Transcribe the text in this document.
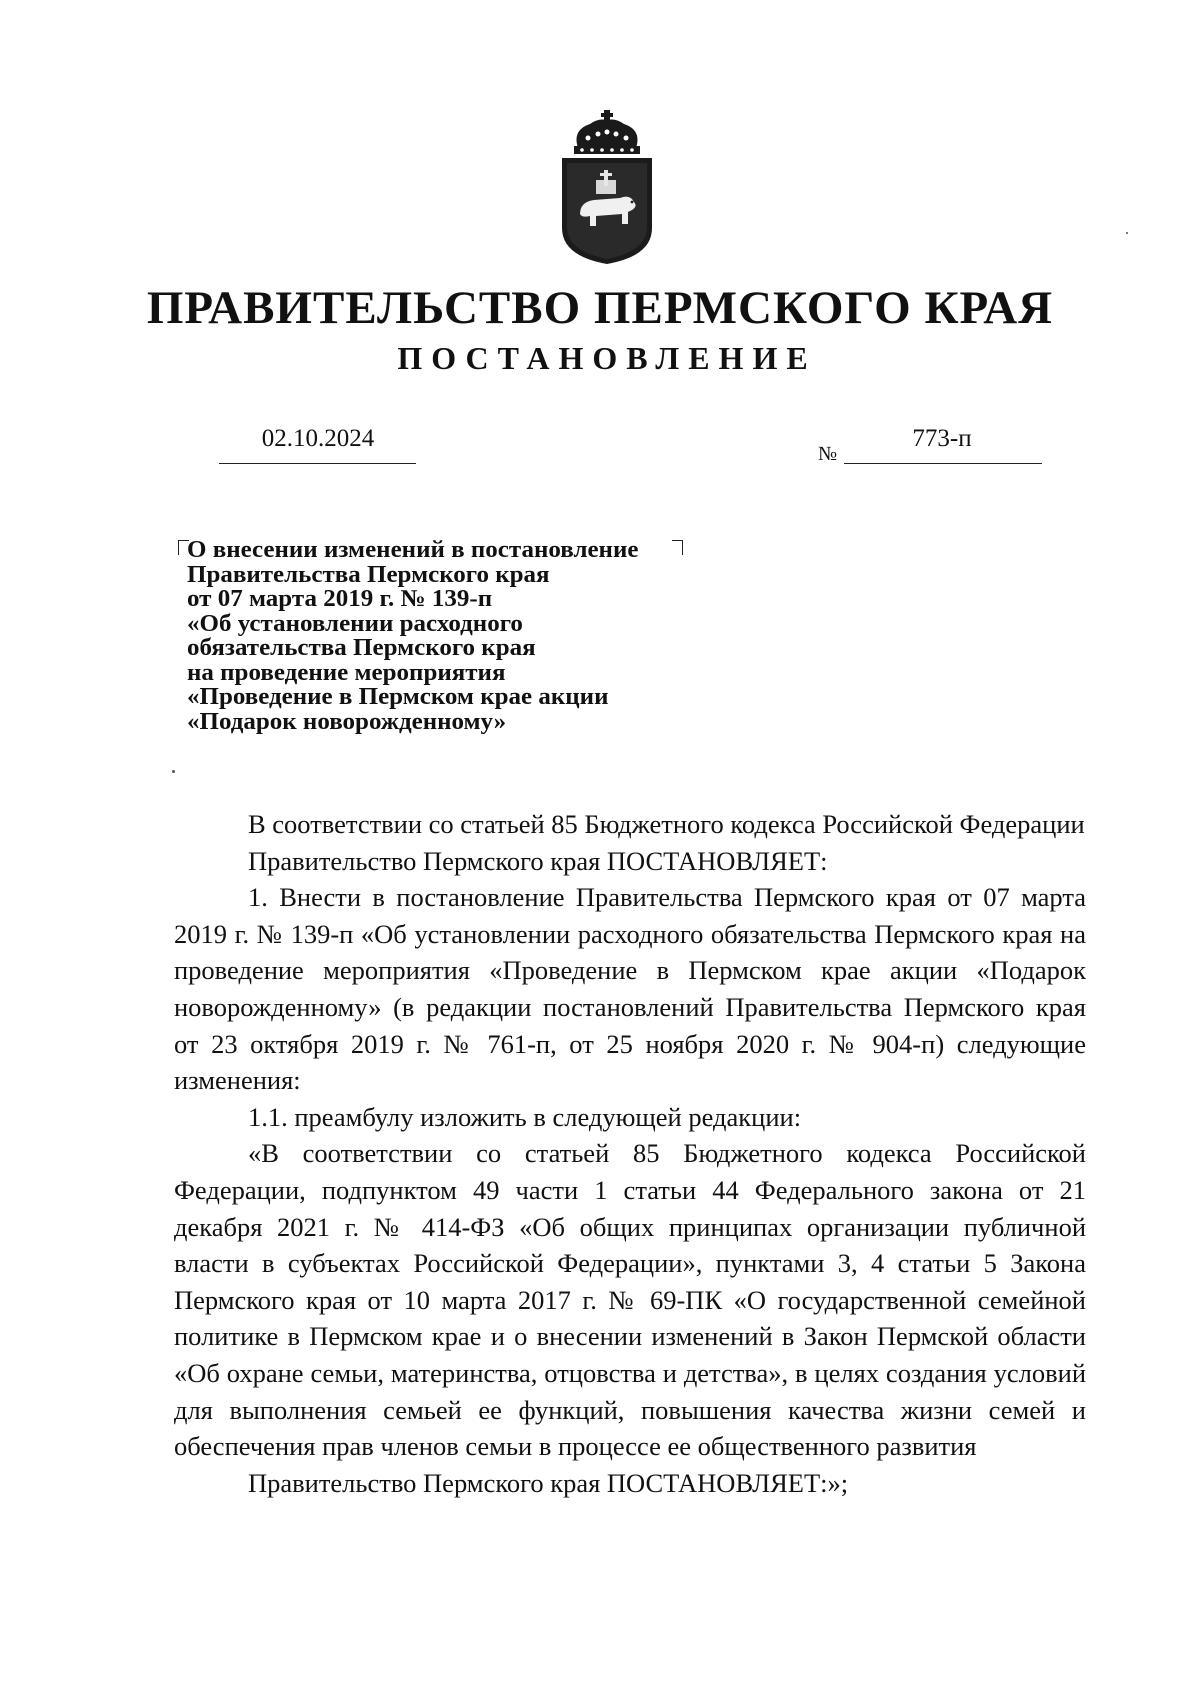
ПРАВИТЕЛЬСТВО ПЕРМСКОГО КРАЯ
ПОСТАНОВЛЕНИЕ
02.10.2024
№
773-п
О внесении изменений в постановление
Правительства Пермского края
от 07 марта 2019 г. № 139-п
«Об установлении расходного
обязательства Пермского края
на проведение мероприятия
«Проведение в Пермском крае акции
«Подарок новорожденному»

В соответствии со статьей 85 Бюджетного кодекса Российской Федерации

Правительство Пермского края ПОСТАНОВЛЯЕТ:

1. Внести в постановление Правительства Пермского края от 07 марта 2019 г. № 139-п «Об установлении расходного обязательства Пермского края на проведение мероприятия «Проведение в Пермском крае акции «Подарок новорожденному» (в редакции постановлений Правительства Пермского края от 23 октября 2019 г. № 761-п, от 25 ноября 2020 г. № 904-п) следующие изменения:

1.1. преамбулу изложить в следующей редакции:

«В соответствии со статьей 85 Бюджетного кодекса Российской Федерации, подпунктом 49 части 1 статьи 44 Федерального закона от 21 декабря 2021 г. № 414-ФЗ «Об общих принципах организации публичной власти в субъектах Российской Федерации», пунктами 3, 4 статьи 5 Закона Пермского края от 10 марта 2017 г. № 69-ПК «О государственной семейной политике в Пермском крае и о внесении изменений в Закон Пермской области «Об охране семьи, материнства, отцовства и детства», в целях создания условий для выполнения семьей ее функций, повышения качества жизни семей и обеспечения прав членов семьи в процессе ее общественного развития

Правительство Пермского края ПОСТАНОВЛЯЕТ:»;
